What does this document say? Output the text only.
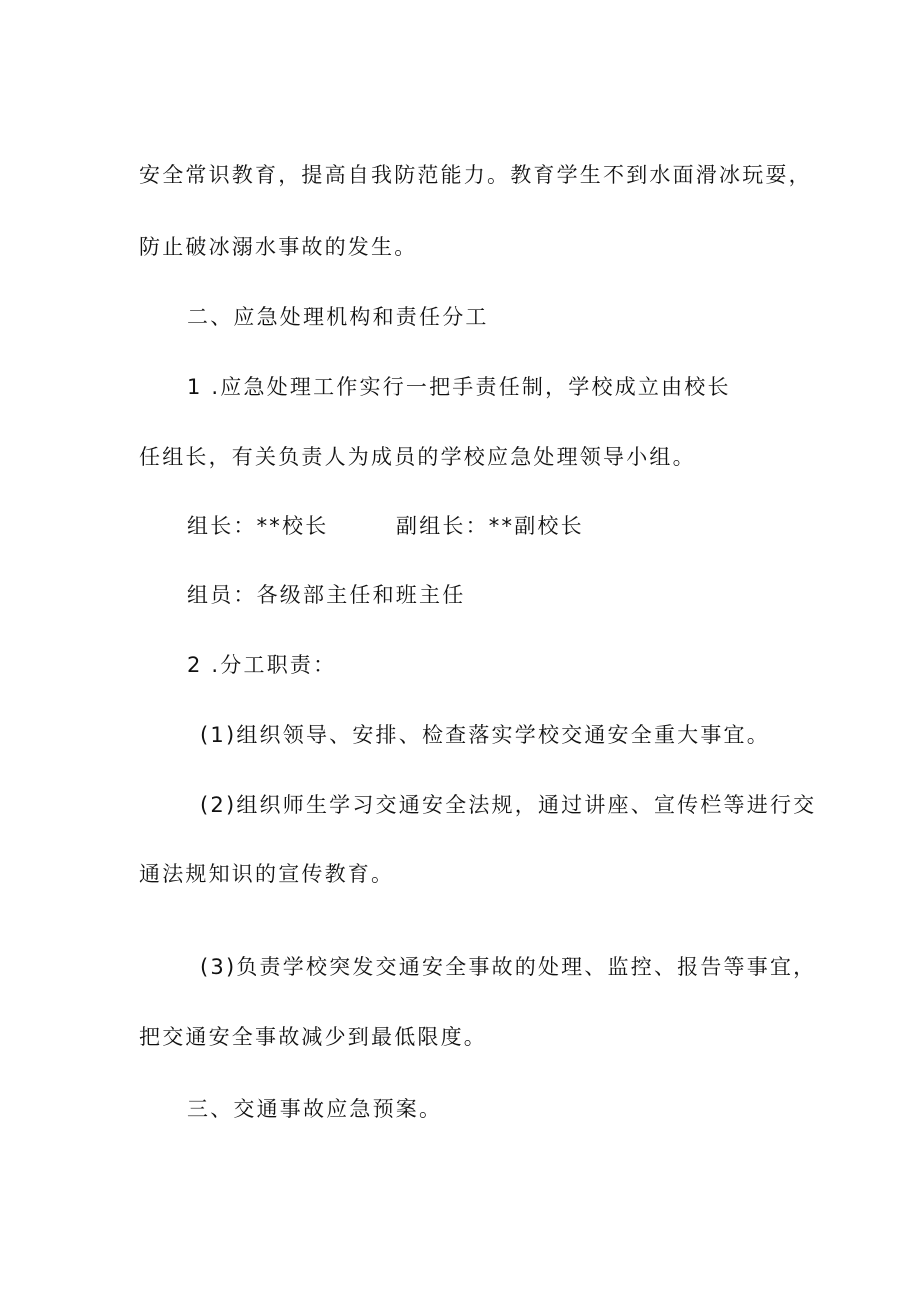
安全常识教育，提高自我防范能力。教育学生不到水面滑冰玩耍，
防止破冰溺水事故的发生。
二、应急处理机构和责任分工
1 .应急处理工作实行一把手责任制，学校成立由校长
任组长，有关负责人为成员的学校应急处理领导小组。
组长：**校长	副组长：**副校长
组员：各级部主任和班主任
2 .分工职责：
(1)组织领导、安排、检查落实学校交通安全重大事宜。
(2)组织师生学习交通安全法规，通过讲座、宣传栏等进行交
通法规知识的宣传教育。
(3)负责学校突发交通安全事故的处理、监控、报告等事宜，
把交通安全事故减少到最低限度。
三、交通事故应急预案。
